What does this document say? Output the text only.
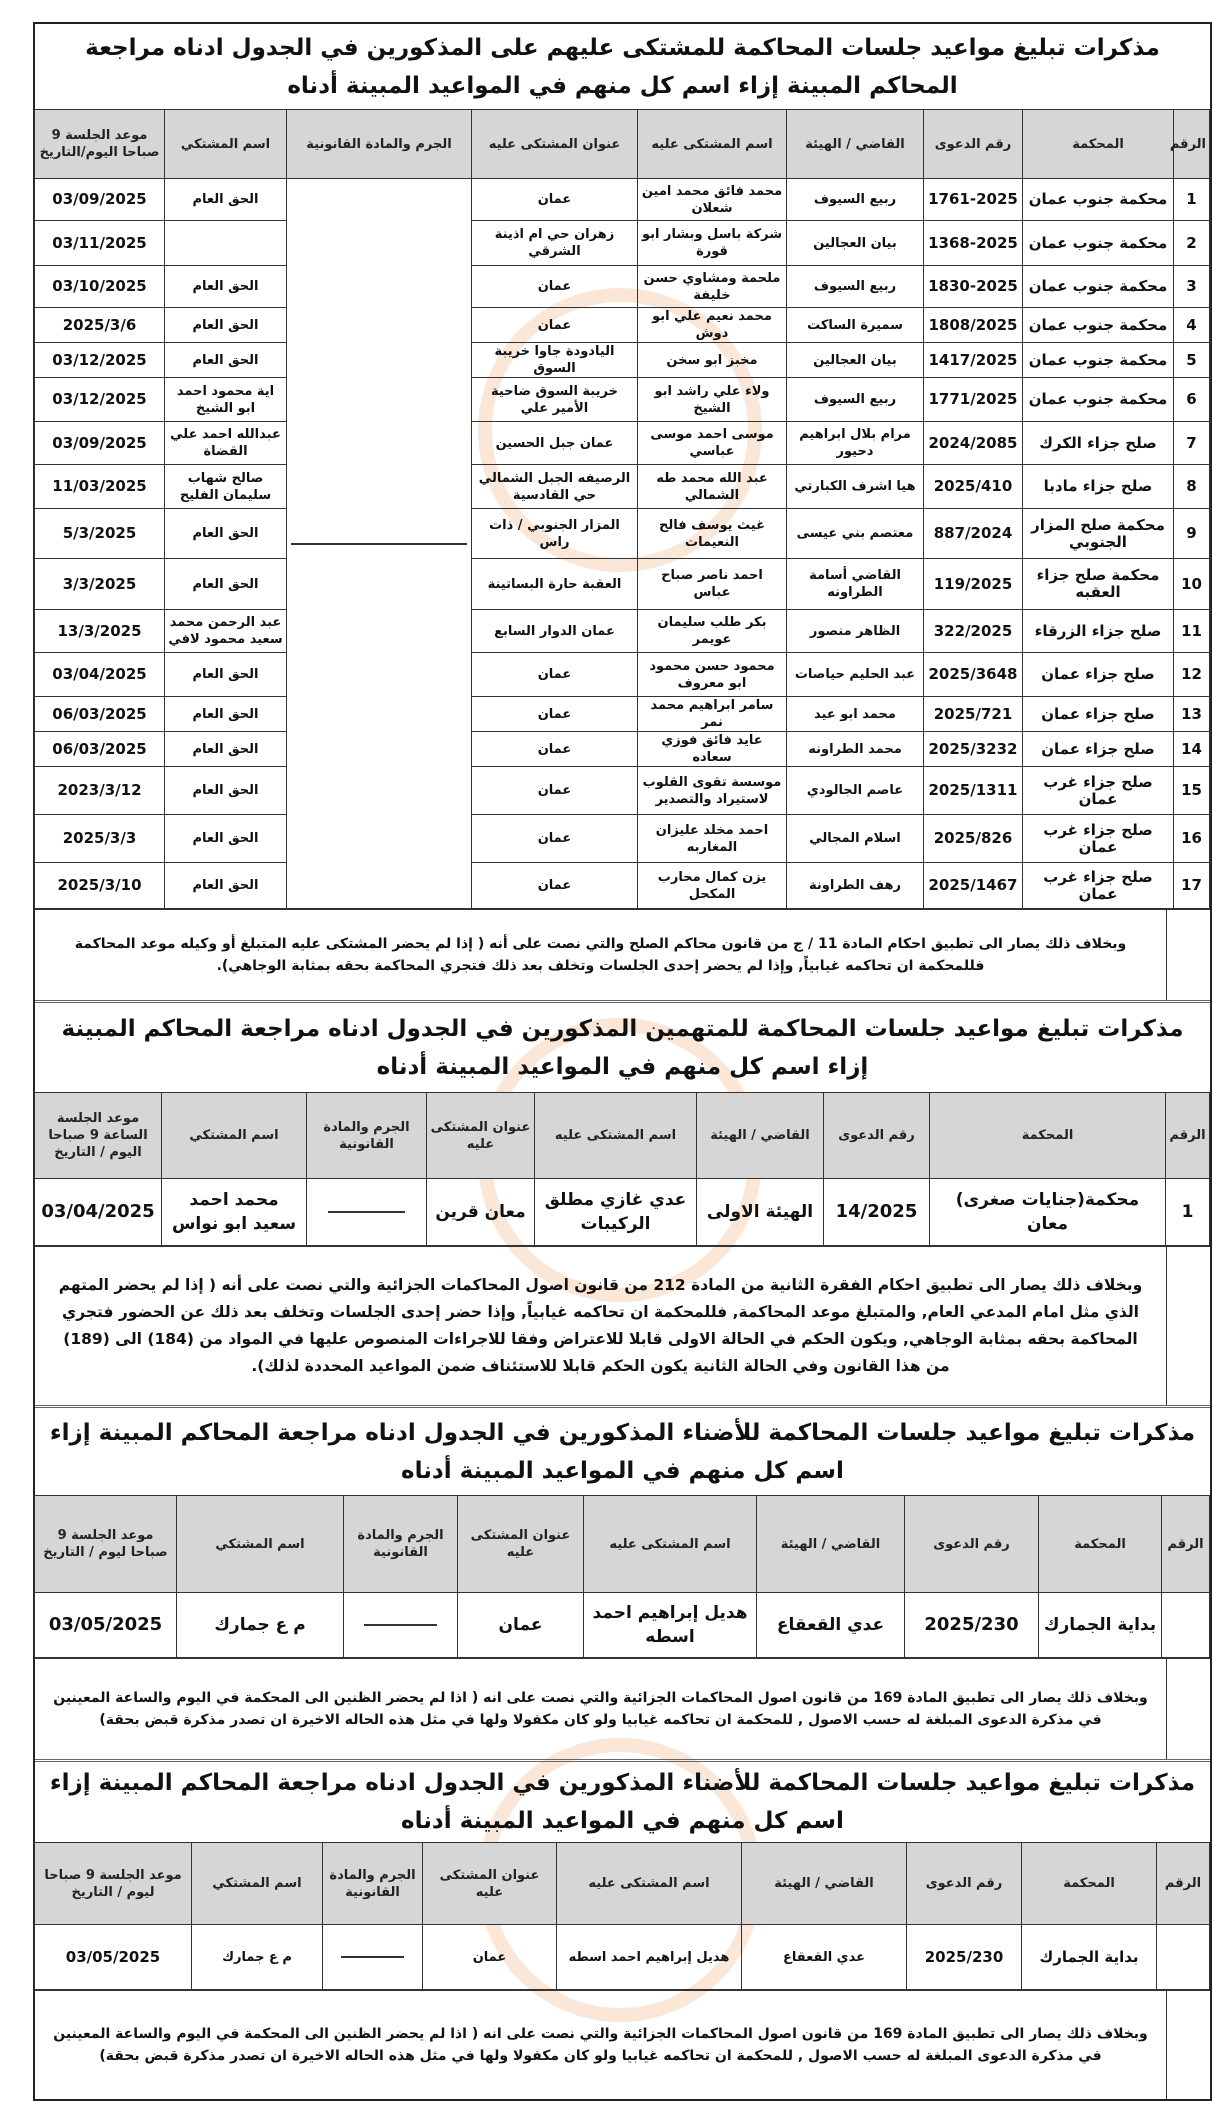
مذكرات تبليغ مواعيد جلسات المحاكمة للمشتكى عليهم على المذكورين في الجدول ادناه مراجعة المحاكم المبينة إزاء اسم كل منهم في المواعيد المبينة أدناه
الرقم	المحكمة	رقم الدعوى	القاضي / الهيئة	اسم المشتكى عليه	عنوان المشتكى عليه	الجرم والمادة القانونية	اسم المشتكي	موعد الجلسة 9 صباحا اليوم/التاريخ
1	محكمة جنوب عمان	1761-2025	ربيع السيوف	محمد فائق محمد امين شعلان	عمان		الحق العام	03/09/2025
2	محكمة جنوب عمان	1368-2025	بيان العجالين	شركة باسل وبشار ابو قورة	زهران حي ام اذينة الشرقي			03/11/2025
3	محكمة جنوب عمان	1830-2025	ربيع السيوف	ملحمة ومشاوي حسن خليفة	عمان		الحق العام	03/10/2025
4	محكمة جنوب عمان	1808/2025	سميرة الساكت	محمد نعيم علي ابو دوش	عمان		الحق العام	2025/3/6
5	محكمة جنوب عمان	1417/2025	بيان العجالين	مخبز ابو سخن	اليادودة جاوا خريبة السوق		الحق العام	03/12/2025
6	محكمة جنوب عمان	1771/2025	ربيع السيوف	ولاء علي راشد ابو الشيخ	خريبة السوق ضاحية الأمير علي		اية محمود احمد ابو الشيخ	03/12/2025
7	صلح جزاء الكرك	2024/2085	مرام بلال ابراهيم دحيور	موسى احمد موسى عباسي	عمان جبل الحسين		عبدالله احمد علي القضاة	03/09/2025
8	صلح جزاء مادبا	2025/410	هيا اشرف الكبارتي	عبد الله محمد طه الشمالي	الرصيفه الجبل الشمالي حي القادسية		صالح شهاب سليمان الفليح	11/03/2025
9	محكمة صلح المزار الجنوبي	887/2024	معتصم بني عيسى	غيث يوسف فالح النعيمات	المزار الجنوبي / ذات راس		الحق العام	5/3/2025
10	محكمة صلح جزاء العقبه	119/2025	القاضي أسامة الطراونه	احمد ناصر صباح عباس	العقبة حارة البساتينة		الحق العام	3/3/2025
11	صلح جزاء الزرقاء	322/2025	الظاهر منصور	بكر طلب سليمان عويمر	عمان الدوار السابع		عبد الرحمن محمد سعيد محمود لافي	13/3/2025
12	صلح جزاء عمان	2025/3648	عبد الحليم حياصات	محمود حسن محمود ابو معروف	عمان		الحق العام	03/04/2025
13	صلح جزاء عمان	2025/721	محمد ابو عيد	سامر ابراهيم محمد نمر	عمان		الحق العام	06/03/2025
14	صلح جزاء عمان	2025/3232	محمد الطراونه	عايد فائق فوزي سعاده	عمان		الحق العام	06/03/2025
15	صلح جزاء غرب عمان	2025/1311	عاصم الجالودي	موسسة تقوى القلوب لاستيراد والتصدير	عمان		الحق العام	2023/3/12
16	صلح جزاء غرب عمان	2025/826	اسلام المجالي	احمد مخلد عليزان المغاربه	عمان		الحق العام	2025/3/3
17	صلح جزاء غرب عمان	2025/1467	رهف الطراونة	يزن كمال محارب المكحل	عمان		الحق العام	2025/3/10
وبخلاف ذلك يصار الى تطبيق احكام المادة 11 / ج من قانون محاكم الصلح والتي نصت على أنه ( إذا لم يحضر المشتكى عليه المتبلغ أو وكيله موعد المحاكمة فللمحكمة ان تحاكمه غيابياً, وإذا لم يحضر إحدى الجلسات وتخلف بعد ذلك فتجري المحاكمة بحقه بمثابة الوجاهي).
مذكرات تبليغ مواعيد جلسات المحاكمة للمتهمين المذكورين في الجدول ادناه مراجعة المحاكم المبينة إزاء اسم كل منهم في المواعيد المبينة أدناه
الرقم	المحكمة	رقم الدعوى	القاضي / الهيئة	اسم المشتكى عليه	عنوان المشتكى عليه	الجرم والمادة القانونية	اسم المشتكي	موعد الجلسة الساعة 9 صباحا اليوم / التاريخ
1	محكمة(جنايات صغرى) معان	14/2025	الهيئة الاولى	عدي غازي مطلق الركيبات	معان قرين		محمد احمد سعيد ابو نواس	03/04/2025
وبخلاف ذلك يصار الى تطبيق احكام الفقرة الثانية من المادة 212 من قانون اصول المحاكمات الجزائية والتي نصت على أنه ( إذا لم يحضر المتهم الذي مثل امام المدعي العام, والمتبلغ موعد المحاكمة, فللمحكمة ان تحاكمه غيابياً, وإذا حضر إحدى الجلسات وتخلف بعد ذلك عن الحضور فتجري المحاكمة بحقه بمثابة الوجاهي, ويكون الحكم في الحالة الاولى قابلا للاعتراض وفقا للاجراءات المنصوص عليها في المواد من (184) الى (189) من هذا القانون وفي الحالة الثانية يكون الحكم قابلا للاستئناف ضمن المواعيد المحددة لذلك).
مذكرات تبليغ مواعيد جلسات المحاكمة للأضناء المذكورين في الجدول ادناه مراجعة المحاكم المبينة إزاء اسم كل منهم في المواعيد المبينة أدناه
الرقم	المحكمة	رقم الدعوى	القاضي / الهيئة	اسم المشتكى عليه	عنوان المشتكى عليه	الجرم والمادة القانونية	اسم المشتكي	موعد الجلسة 9 صباحا ليوم / التاريخ
	بداية الجمارك	2025/230	عدي القعقاع	هديل إبراهيم احمد اسطه	عمان		م ع جمارك	03/05/2025
وبخلاف ذلك يصار الى تطبيق المادة 169 من قانون اصول المحاكمات الجزائية والتي نصت على انه ( اذا لم يحضر الظنين الى المحكمة في اليوم والساعة المعينين في مذكرة الدعوى المبلغة له حسب الاصول , للمحكمة ان تحاكمه غيابيا ولو كان مكفولا ولها في مثل هذه الحاله الاخيرة ان تصدر مذكرة قبض بحقة)
مذكرات تبليغ مواعيد جلسات المحاكمة للأضناء المذكورين في الجدول ادناه مراجعة المحاكم المبينة إزاء اسم كل منهم في المواعيد المبينة أدناه
الرقم	المحكمة	رقم الدعوى	القاضي / الهيئة	اسم المشتكى عليه	عنوان المشتكى عليه	الجرم والمادة القانونية	اسم المشتكي	موعد الجلسة 9 صباحا ليوم / التاريخ
	بداية الجمارك	2025/230	عدي القعقاع	هديل إبراهيم احمد اسطه	عمان		م ع جمارك	03/05/2025
وبخلاف ذلك يصار الى تطبيق المادة 169 من قانون اصول المحاكمات الجزائية والتي نصت على انه ( اذا لم يحضر الظنين الى المحكمة في اليوم والساعة المعينين في مذكرة الدعوى المبلغة له حسب الاصول , للمحكمة ان تحاكمه غيابيا ولو كان مكفولا ولها في مثل هذه الحاله الاخيرة ان تصدر مذكرة قبض بحقة)
